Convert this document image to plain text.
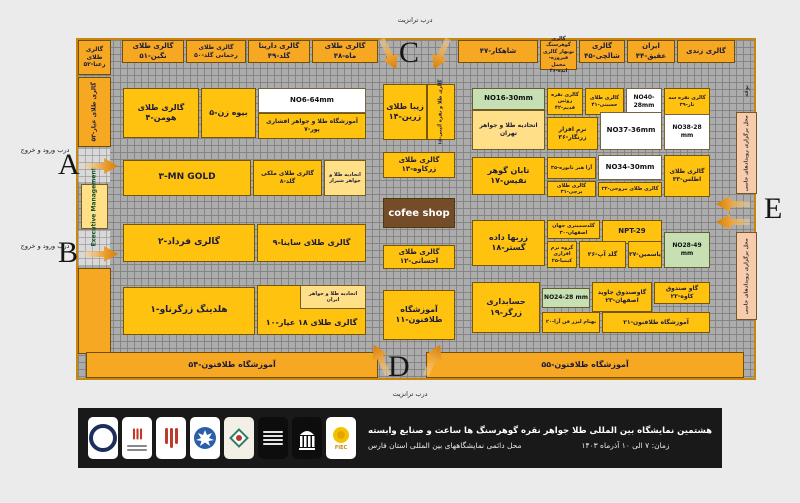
گالری طلای رعنا-۵۲
گالری طلای نگین-۵۱
گالری طلای رحمانی گلد-۵۰
گالری دارینا گلد-۴۹
گالری طلای ماه-۴۸
شاهکار-۴۷
گالری گوهرسنگ نوبهار گالری فیروزه-مخمل ایده-۴۶
گالری شالچی-۴۵
ایران عقیق-۴۴
گالری زندی
گالری طلای عیار-۵۳
Executive Management
بوفه
محل برگزاری رویدادهای جانبی
محل برگزاری رویدادهای جانبی
آموزشگاه طلافنون-۵۴	آموزشگاه طلافنون-۵۵
گالری طلای هومن-۴
بیوه زن-۵
NO6-64mm
آموزشگاه طلا و جواهر افشاری پور-۷
۳-MN GOLD	گالری طلای ملکی گلد-۸
اتحادیه طلا و جواهر شیراز
گالری فرداد-۲	گالری طلای ساینا-۹
هلدینگ زرگرناو-۱
گالری طلای ۱۸ عیار-۱۰
اتحادیه طلا و جواهر ایران
زیبا طلای زرین-۱۴
گالری طلا و نقره آئینی-۱۵
گالری طلای زرکاوه-۱۳
cofee shop
گالری طلای احسانی-۱۲
آموزشگاه طلافنون-۱۱
NO16-30mm
اتحادیه طلا و جواهر تهران
گالری نقره روئین قدیم-۴۲
گالری طلای حسینی-۴۱
NO40-28mm
گالری نقره سه تار-۳۹
نرم افزار زرنگار-۳۶
NO37-36mm	NO38-28 mm
تابان گوهر نفیس-۱۷
آرا هنر تابوره-۳۵ NO34-30mm
گالری طلای اطلس-۳۳
گالری طلای پرچی-۳۱	گالری طلای مروجی-۳۲
زربها داده گستر-۱۸
گلدسمیتری جهان اصفهان-۳۰	NPT-29
NO28-49 mm
گروه نرم افزاری کیمیا-۲۵
گلد آپ-۲۶ یاسمین-۲۷
حسابداری زرگر-۱۹
NO24-28 mm
گاوصندوق جاوید اصفهان-۲۳
گاو صندوق کاوه-۲۲
بهنام لیزر فن آرا-۲۰	آموزشگاه طلافنون-۲۱
درب ترانزیت
C
درب ترانزیت
D
درب ورود و خروج
A
درب ورود و خروج
B
E
FIEC
هشتمین نمایشگاه بین المللی طلا جواهر نقره گوهرسنگ ها ساعت و صنایع وابسته
زمان: ۷ الی ۱۰ آذرماه ۱۴۰۳
محل دائمی نمایشگاههای بین المللی استان فارس
